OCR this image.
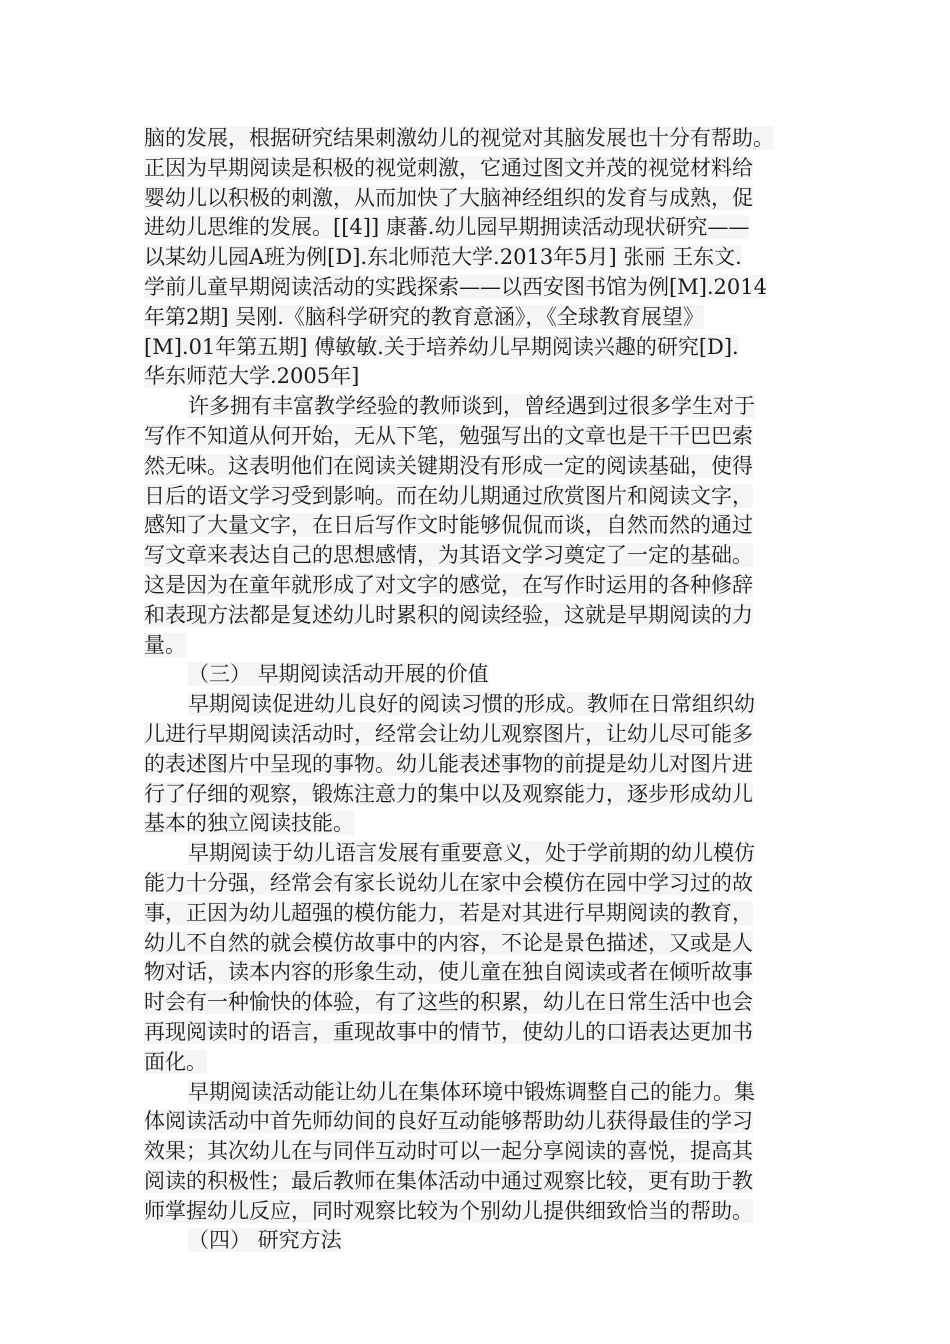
脑的发展，根据研究结果刺激幼儿的视觉对其脑发展也十分有帮助。
正因为早期阅读是积极的视觉刺激，它通过图文并茂的视觉材料给
婴幼儿以积极的刺激，从而加快了大脑神经组织的发育与成熟，促
进幼儿思维的发展。[[4]] 康蕃.幼儿园早期拥读活动现状研究——
以某幼儿园A班为例[D].东北师范大学.2013年5月] 张丽 王东文.
学前儿童早期阅读活动的实践探索——以西安图书馆为例[M].2014
年第2期] 吴刚.《脑科学研究的教育意涵》，《全球教育展望》
[M].01年第五期] 傅敏敏.关于培养幼儿早期阅读兴趣的研究[D].
华东师范大学.2005年]
许多拥有丰富教学经验的教师谈到，曾经遇到过很多学生对于
写作不知道从何开始，无从下笔，勉强写出的文章也是干干巴巴索
然无味。这表明他们在阅读关键期没有形成一定的阅读基础，使得
日后的语文学习受到影响。而在幼儿期通过欣赏图片和阅读文字，
感知了大量文字，在日后写作文时能够侃侃而谈，自然而然的通过
写文章来表达自己的思想感情，为其语文学习奠定了一定的基础。
这是因为在童年就形成了对文字的感觉，在写作时运用的各种修辞
和表现方法都是复述幼儿时累积的阅读经验，这就是早期阅读的力
量。
（三） 早期阅读活动开展的价值
早期阅读促进幼儿良好的阅读习惯的形成。教师在日常组织幼
儿进行早期阅读活动时，经常会让幼儿观察图片，让幼儿尽可能多
的表述图片中呈现的事物。幼儿能表述事物的前提是幼儿对图片进
行了仔细的观察，锻炼注意力的集中以及观察能力，逐步形成幼儿
基本的独立阅读技能。
早期阅读于幼儿语言发展有重要意义，处于学前期的幼儿模仿
能力十分强，经常会有家长说幼儿在家中会模仿在园中学习过的故
事，正因为幼儿超强的模仿能力，若是对其进行早期阅读的教育，
幼儿不自然的就会模仿故事中的内容，不论是景色描述，又或是人
物对话，读本内容的形象生动，使儿童在独自阅读或者在倾听故事
时会有一种愉快的体验，有了这些的积累，幼儿在日常生活中也会
再现阅读时的语言，重现故事中的情节，使幼儿的口语表达更加书
面化。
早期阅读活动能让幼儿在集体环境中锻炼调整自己的能力。集
体阅读活动中首先师幼间的良好互动能够帮助幼儿获得最佳的学习
效果；其次幼儿在与同伴互动时可以一起分享阅读的喜悦，提高其
阅读的积极性；最后教师在集体活动中通过观察比较，更有助于教
师掌握幼儿反应，同时观察比较为个别幼儿提供细致恰当的帮助。
（四） 研究方法
